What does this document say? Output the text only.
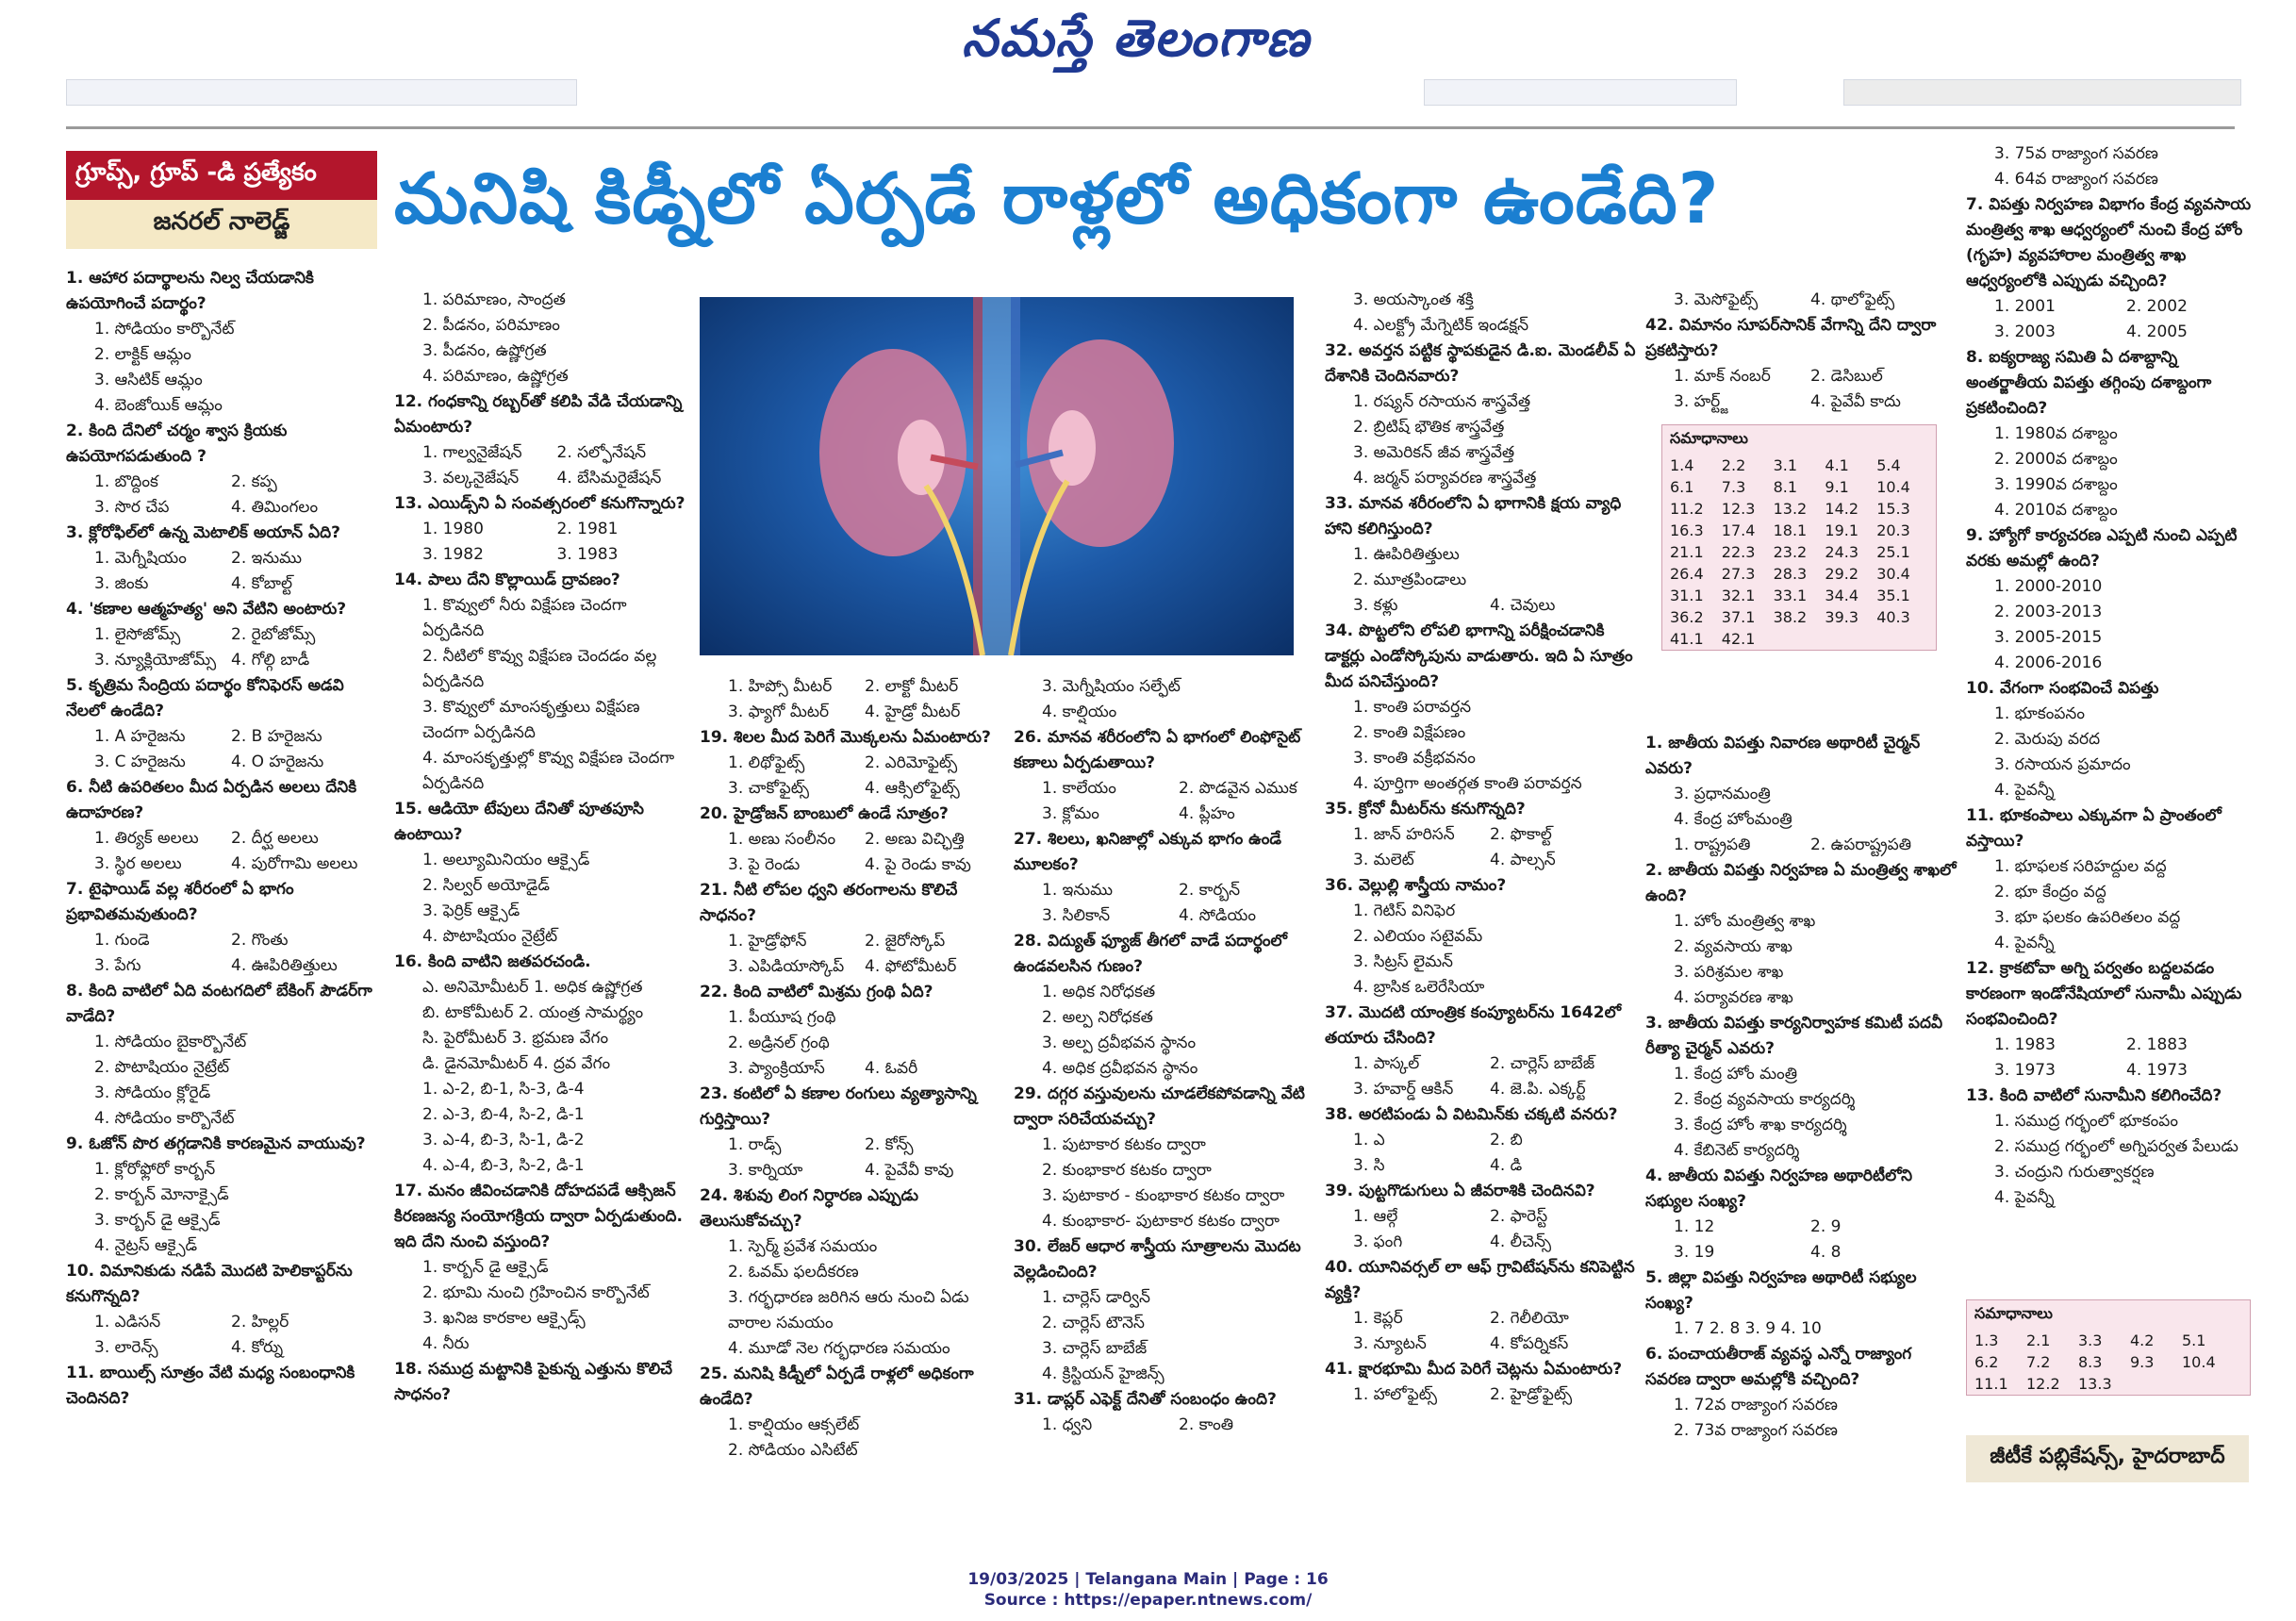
నమస్తే తెలంగాణ
గ్రూప్స్, గ్రూప్ -డి ప్రత్యేకం
జనరల్ నాలెడ్జ్	మనిషి కిడ్నీలో ఏర్పడే రాళ్లలో అధికంగా ఉండేది?
1. ఆహార పదార్థాలను నిల్వ చేయడానికి ఉపయోగించే పదార్థం?
1. సోడియం కార్బొనేట్
2. లాక్టిక్ ఆమ్లం
3. ఆసిటిక్ ఆమ్లం
4. బెంజోయిక్ ఆమ్లం
2. కింది దేనిలో చర్మం శ్వాస క్రియకు ఉపయోగపడుతుంది ?
1. బొద్దింక	2. కప్ప
3. సొర చేప	4. తిమింగలం
3. క్లోరోఫిల్‌లో ఉన్న మెటాలిక్ అయాన్ ఏది?
1. మెగ్నీషియం	2. ఇనుము
3. జింకు	4. కోబాల్ట్
4. 'కణాల ఆత్మహత్య' అని వేటిని అంటారు?
1. లైసోజోమ్స్	2. రైబోజోమ్స్
3. న్యూక్లియోజోమ్స్ 4. గోల్గి బాడీ
5. కృత్రిమ సేంద్రియ పదార్థం కోనిఫెరస్ అడవి నేలలో ఉండేది?
1. A హరైజను	2. B హరైజను
3. C హరైజను	4. O హరైజను
6. నీటి ఉపరితలం మీద ఏర్పడిన అలలు దేనికి ఉదాహరణ?
1. తిర్యక్ అలలు	2. దీర్ఘ అలలు
3. స్థిర అలలు	4. పురోగామి అలలు
7. టైఫాయిడ్ వల్ల శరీరంలో ఏ భాగం ప్రభావితమవుతుంది?
1. గుండె	2. గొంతు
3. పేగు	4. ఊపిరితిత్తులు
8. కింది వాటిలో ఏది వంటగదిలో బేకింగ్ పౌడర్‌గా వాడేది?
1. సోడియం బైకార్బొనేట్
2. పొటాషియం నైట్రేట్
3. సోడియం క్లోరైడ్
4. సోడియం కార్బొనేట్
9. ఓజోన్ పొర తగ్గడానికి కారణమైన వాయువు?
1. క్లోరోఫ్లోరో కార్బన్
2. కార్బన్ మోనాక్సైడ్
3. కార్బన్ డై ఆక్సైడ్
4. నైట్రస్ ఆక్సైడ్
10. విమానికుడు నడిపే మొదటి హెలికాప్టర్‌ను కనుగొన్నది?
1. ఎడిసన్	2. హిల్లర్
3. లారెన్స్	4. కోర్ను
11. బాయిల్స్ సూత్రం వేటి మధ్య సంబంధానికి చెందినది?
1. పరిమాణం, సాంద్రత
2. పీడనం, పరిమాణం
3. పీడనం, ఉష్ణోగ్రత
4. పరిమాణం, ఉష్ణోగ్రత
12. గంధకాన్ని రబ్బర్‌తో కలిపి వేడి చేయడాన్ని ఏమంటారు?
1. గాల్వనైజేషన్	2. సల్ఫోనేషన్
3. వల్కనైజేషన్	4. బేసిమరైజేషన్
13. ఎయిడ్స్‌ని ఏ సంవత్సరంలో కనుగొన్నారు?
1. 1980	2. 1981
3. 1982	3. 1983
14. పాలు దేని కొల్లాయిడ్ ద్రావణం?
1. కొవ్వులో నీరు విక్షేపణ చెందగా ఏర్పడినది
2. నీటిలో కొవ్వు విక్షేపణ చెందడం వల్ల ఏర్పడినది
3. కొవ్వులో మాంసకృత్తులు విక్షేపణ చెందగా ఏర్పడినది
4. మాంసకృత్తుల్లో కొవ్వు విక్షేపణ చెందగా ఏర్పడినది
15. ఆడియో టేపులు దేనితో పూతపూసి ఉంటాయి?
1. అల్యూమినియం ఆక్సైడ్
2. సిల్వర్ అయోడైడ్
3. ఫెర్రిక్ ఆక్సైడ్
4. పొటాషియం నైట్రేట్
16. కింది వాటిని జతపరచండి.
ఎ. అనిమోమీటర్ 1. అధిక ఉష్ణోగ్రత
బి. టాకోమీటర్ 2. యంత్ర సామర్థ్యం
సి. పైరోమీటర్ 3. భ్రమణ వేగం
డి. డైనమోమీటర్ 4. ద్రవ వేగం
1. ఎ-2, బి-1, సి-3, డి-4
2. ఎ-3, బి-4, సి-2, డి-1
3. ఎ-4, బి-3, సి-1, డి-2
4. ఎ-4, బి-3, సి-2, డి-1
17. మనం జీవించడానికి దోహదపడే ఆక్సిజన్ కిరణజన్య సంయోగక్రియ ద్వారా ఏర్పడుతుంది. ఇది దేని నుంచి వస్తుంది?
1. కార్బన్ డై ఆక్సైడ్
2. భూమి నుంచి గ్రహించిన కార్బొనేట్
3. ఖనిజ కారకాల ఆక్సైడ్స్
4. నీరు
18. సముద్ర మట్టానికి పైకున్న ఎత్తును కొలిచే సాధనం?
1. హిప్సో మీటర్	2. లాక్టో మీటర్
3. ఫ్యాగో మీటర్	4. హైడ్రో మీటర్
19. శిలల మీద పెరిగే మొక్కలను ఏమంటారు?
1. లిథోఫైట్స్	2. ఎరిమోఫైట్స్
3. చాకోఫైట్స్	4. ఆక్సిలోఫైట్స్
20. హైడ్రోజన్ బాంబులో ఉండే సూత్రం?
1. అణు సంలీనం	2. అణు విచ్ఛిత్తి
3. పై రెండు	4. పై రెండు కావు
21. నీటి లోపల ధ్వని తరంగాలను కొలిచే సాధనం?
1. హైడ్రోఫోన్	2. జైరోస్కోప్
3. ఎపిడియాస్కోప్	4. ఫోటోమీటర్
22. కింది వాటిలో మిశ్రమ గ్రంథి ఏది?
1. పీయూష గ్రంథి
2. అడ్రినల్ గ్రంథి
3. ప్యాంక్రియాస్	4. ఓవరీ
23. కంటిలో ఏ కణాల రంగులు వ్యత్యాసాన్ని గుర్తిస్తాయి?
1. రాడ్స్	2. కోన్స్
3. కార్నియా	4. పైవేవీ కావు
24. శిశువు లింగ నిర్ధారణ ఎప్పుడు తెలుసుకోవచ్చు?
1. స్పెర్మ్ ప్రవేశ సమయం
2. ఓవమ్ ఫలదీకరణ
3. గర్భధారణ జరిగిన ఆరు నుంచి ఏడు వారాల సమయం
4. మూడో నెల గర్భధారణ సమయం
25. మనిషి కిడ్నీలో ఏర్పడే రాళ్లలో అధికంగా ఉండేది?
1. కాల్షియం ఆక్సలేట్
2. సోడియం ఎసిటేట్
3. మెగ్నీషియం సల్ఫేట్
4. కాల్షియం
26. మానవ శరీరంలోని ఏ భాగంలో లింఫోసైట్ కణాలు ఏర్పడుతాయి?
1. కాలేయం	2. పొడవైన ఎముక
3. క్లోమం	4. ప్లీహం
27. శిలలు, ఖనిజాల్లో ఎక్కువ భాగం ఉండే మూలకం?
1. ఇనుము	2. కార్బన్
3. సిలికాన్	4. సోడియం
28. విద్యుత్ ఫ్యూజ్ తీగలో వాడే పదార్థంలో ఉండవలసిన గుణం?
1. అధిక నిరోధకత
2. అల్ప నిరోధకత
3. అల్ప ద్రవీభవన స్థానం
4. అధిక ద్రవీభవన స్థానం
29. దగ్గర వస్తువులను చూడలేకపోవడాన్ని వేటి ద్వారా సరిచేయవచ్చు?
1. పుటాకార కటకం ద్వారా
2. కుంభాకార కటకం ద్వారా
3. పుటాకార - కుంభాకార కటకం ద్వారా
4. కుంభాకార- పుటాకార కటకం ద్వారా
30. లేజర్ ఆధార శాస్త్రీయ సూత్రాలను మొదట వెల్లడించింది?
1. చార్లెస్ డార్విన్
2. చార్లెస్ టౌనెస్
3. చార్లెస్ బాబేజ్
4. క్రిస్టియన్ హైజిన్స్
31. డాప్లర్ ఎఫెక్ట్ దేనితో సంబంధం ఉంది?
1. ధ్వని	2. కాంతి
3. అయస్కాంత శక్తి
4. ఎలక్ట్రో మేగ్నెటిక్ ఇండక్షన్
32. అవర్తన పట్టిక స్థాపకుడైన డి.ఐ. మెండలీవ్ ఏ దేశానికి చెందినవారు?
1. రష్యన్ రసాయన శాస్త్రవేత్త
2. బ్రిటిష్ భౌతిక శాస్త్రవేత్త
3. అమెరికన్ జీవ శాస్త్రవేత్త
4. జర్మన్ పర్యావరణ శాస్త్రవేత్త
33. మానవ శరీరంలోని ఏ భాగానికి క్షయ వ్యాధి హాని కలిగిస్తుంది?
1. ఊపిరితిత్తులు
2. మూత్రపిండాలు
3. కళ్లు	4. చెవులు
34. పొట్టలోని లోపలి భాగాన్ని పరీక్షించడానికి డాక్టర్లు ఎండోస్కోపును వాడుతారు. ఇది ఏ సూత్రం మీద పనిచేస్తుంది?
1. కాంతి పరావర్తన
2. కాంతి విక్షేపణం
3. కాంతి వక్రీభవనం
4. పూర్తిగా అంతర్గత కాంతి పరావర్తన
35. క్రోనో మీటర్‌ను కనుగొన్నది?
1. జాన్ హరిసన్	2. ఫొకాల్ట్
3. మలెట్	4. పాల్సన్
36. వెల్లుల్లి శాస్త్రీయ నామం?
1. గెటిస్ వినిఫెర
2. ఎలియం సటైవమ్
3. సిట్రస్ లైమన్
4. బ్రాసిక ఒలెరేసియా
37. మొదటి యాంత్రిక కంప్యూటర్‌ను 1642లో తయారు చేసింది?
1. పాస్కల్	2. చార్లెస్ బాబేజ్
3. హవార్డ్ ఆకిన్	4. జె.పి. ఎక్కర్ట్
38. అరటిపండు ఏ విటమిన్‌కు చక్కటి వనరు?
1. ఎ	2. బి
3. సి	4. డి
39. పుట్టగొడుగులు ఏ జీవరాశికి చెందినవి?
1. ఆల్గే	2. ఫారెస్ట్
3. ఫంగి	4. లీచెన్స్
40. యూనివర్సల్ లా ఆఫ్ గ్రావిటేషన్‌ను కనిపెట్టిన వ్యక్తి?
1. కెప్లర్	2. గెలీలియో
3. న్యూటన్	4. కోపర్నికస్
41. క్షారభూమి మీద పెరిగే చెట్లను ఏమంటారు?
1. హాలోఫైట్స్	2. హైడ్రోఫైట్స్
3. మెసోఫైట్స్	4. థాలోఫైట్స్
42. విమానం సూపర్‌సానిక్ వేగాన్ని దేని ద్వారా ప్రకటిస్తారు?
1. మాక్ నంబర్	2. డెసిబుల్
3. హర్ట్జ్	4. పైవేవీ కాదు
సమాధానాలు
1.4	2.2	3.1	4.1	5.4
6.1	7.3	8.1	9.1	10.4
11.2	12.3	13.2	14.2	15.3
16.3	17.4	18.1	19.1	20.3
21.1	22.3	23.2	24.3	25.1
26.4	27.3	28.3	29.2	30.4
31.1	32.1	33.1	34.4	35.1
36.2	37.1	38.2	39.3	40.3
41.1	42.1
1. జాతీయ విపత్తు నివారణ అథారిటీ చైర్మన్ ఎవరు?
3. ప్రధానమంత్రి
4. కేంద్ర హోంమంత్రి
1. రాష్ట్రపతి	2. ఉపరాష్ట్రపతి
2. జాతీయ విపత్తు నిర్వహణ ఏ మంత్రిత్వ శాఖలో ఉంది?
1. హోం మంత్రిత్వ శాఖ
2. వ్యవసాయ శాఖ
3. పరిశ్రమల శాఖ
4. పర్యావరణ శాఖ
3. జాతీయ విపత్తు కార్యనిర్వాహక కమిటీ పదవీ రీత్యా చైర్మన్ ఎవరు?
1. కేంద్ర హోం మంత్రి
2. కేంద్ర వ్యవసాయ కార్యదర్శి
3. కేంద్ర హోం శాఖ కార్యదర్శి
4. కేబినెట్ కార్యదర్శి
4. జాతీయ విపత్తు నిర్వహణ అథారిటీలోని సభ్యుల సంఖ్య?
1. 12	2. 9
3. 19	4. 8
5. జిల్లా విపత్తు నిర్వహణ అథారిటీ సభ్యుల సంఖ్య?
1. 7 2. 8 3. 9 4. 10
6. పంచాయతీరాజ్ వ్యవస్థ ఎన్నో రాజ్యాంగ సవరణ ద్వారా అమల్లోకి వచ్చింది?
1. 72వ రాజ్యాంగ సవరణ
2. 73వ రాజ్యాంగ సవరణ
3. 75వ రాజ్యాంగ సవరణ
4. 64వ రాజ్యాంగ సవరణ
7. విపత్తు నిర్వహణ విభాగం కేంద్ర వ్యవసాయ మంత్రిత్వ శాఖ ఆధ్వర్యంలో నుంచి కేంద్ర హోం (గృహ) వ్యవహారాల మంత్రిత్వ శాఖ ఆధ్వర్యంలోకి ఎప్పుడు వచ్చింది?
1. 2001	2. 2002
3. 2003	4. 2005
8. ఐక్యరాజ్య సమితి ఏ దశాబ్దాన్ని అంతర్జాతీయ విపత్తు తగ్గింపు దశాబ్దంగా ప్రకటించింది?
1. 1980వ దశాబ్దం
2. 2000వ దశాబ్దం
3. 1990వ దశాబ్దం
4. 2010వ దశాబ్దం
9. హ్యోగో కార్యచరణ ఎప్పటి నుంచి ఎప్పటి వరకు అమల్లో ఉంది?
1. 2000-2010
2. 2003-2013
3. 2005-2015
4. 2006-2016
10. వేగంగా సంభవించే విపత్తు
1. భూకంపనం
2. మెరుపు వరద
3. రసాయన ప్రమాదం
4. పైవన్నీ
11. భూకంపాలు ఎక్కువగా ఏ ప్రాంతంలో వస్తాయి?
1. భూఫలక సరిహద్దుల వద్ద
2. భూ కేంద్రం వద్ద
3. భూ ఫలకం ఉపరితలం వద్ద
4. పైవన్నీ
12. క్రాకటోవా అగ్ని పర్వతం బద్దలవడం కారణంగా ఇండోనేషియాలో సునామీ ఎప్పుడు సంభవించింది?
1. 1983	2. 1883
3. 1973	4. 1973
13. కింది వాటిలో సునామీని కలిగించేది?
1. సముద్ర గర్భంలో భూకంపం
2. సముద్ర గర్భంలో అగ్నిపర్వత పేలుడు
3. చంద్రుని గురుత్వాకర్షణ
4. పైవన్నీ
సమాధానాలు
1.3	2.1	3.3	4.2	5.1
6.2	7.2	8.3	9.3	10.4
11.1	12.2	13.3
జీటీకే పబ్లికేషన్స్, హైదరాబాద్
19/03/2025 | Telangana Main | Page : 16
Source : https://epaper.ntnews.com/
